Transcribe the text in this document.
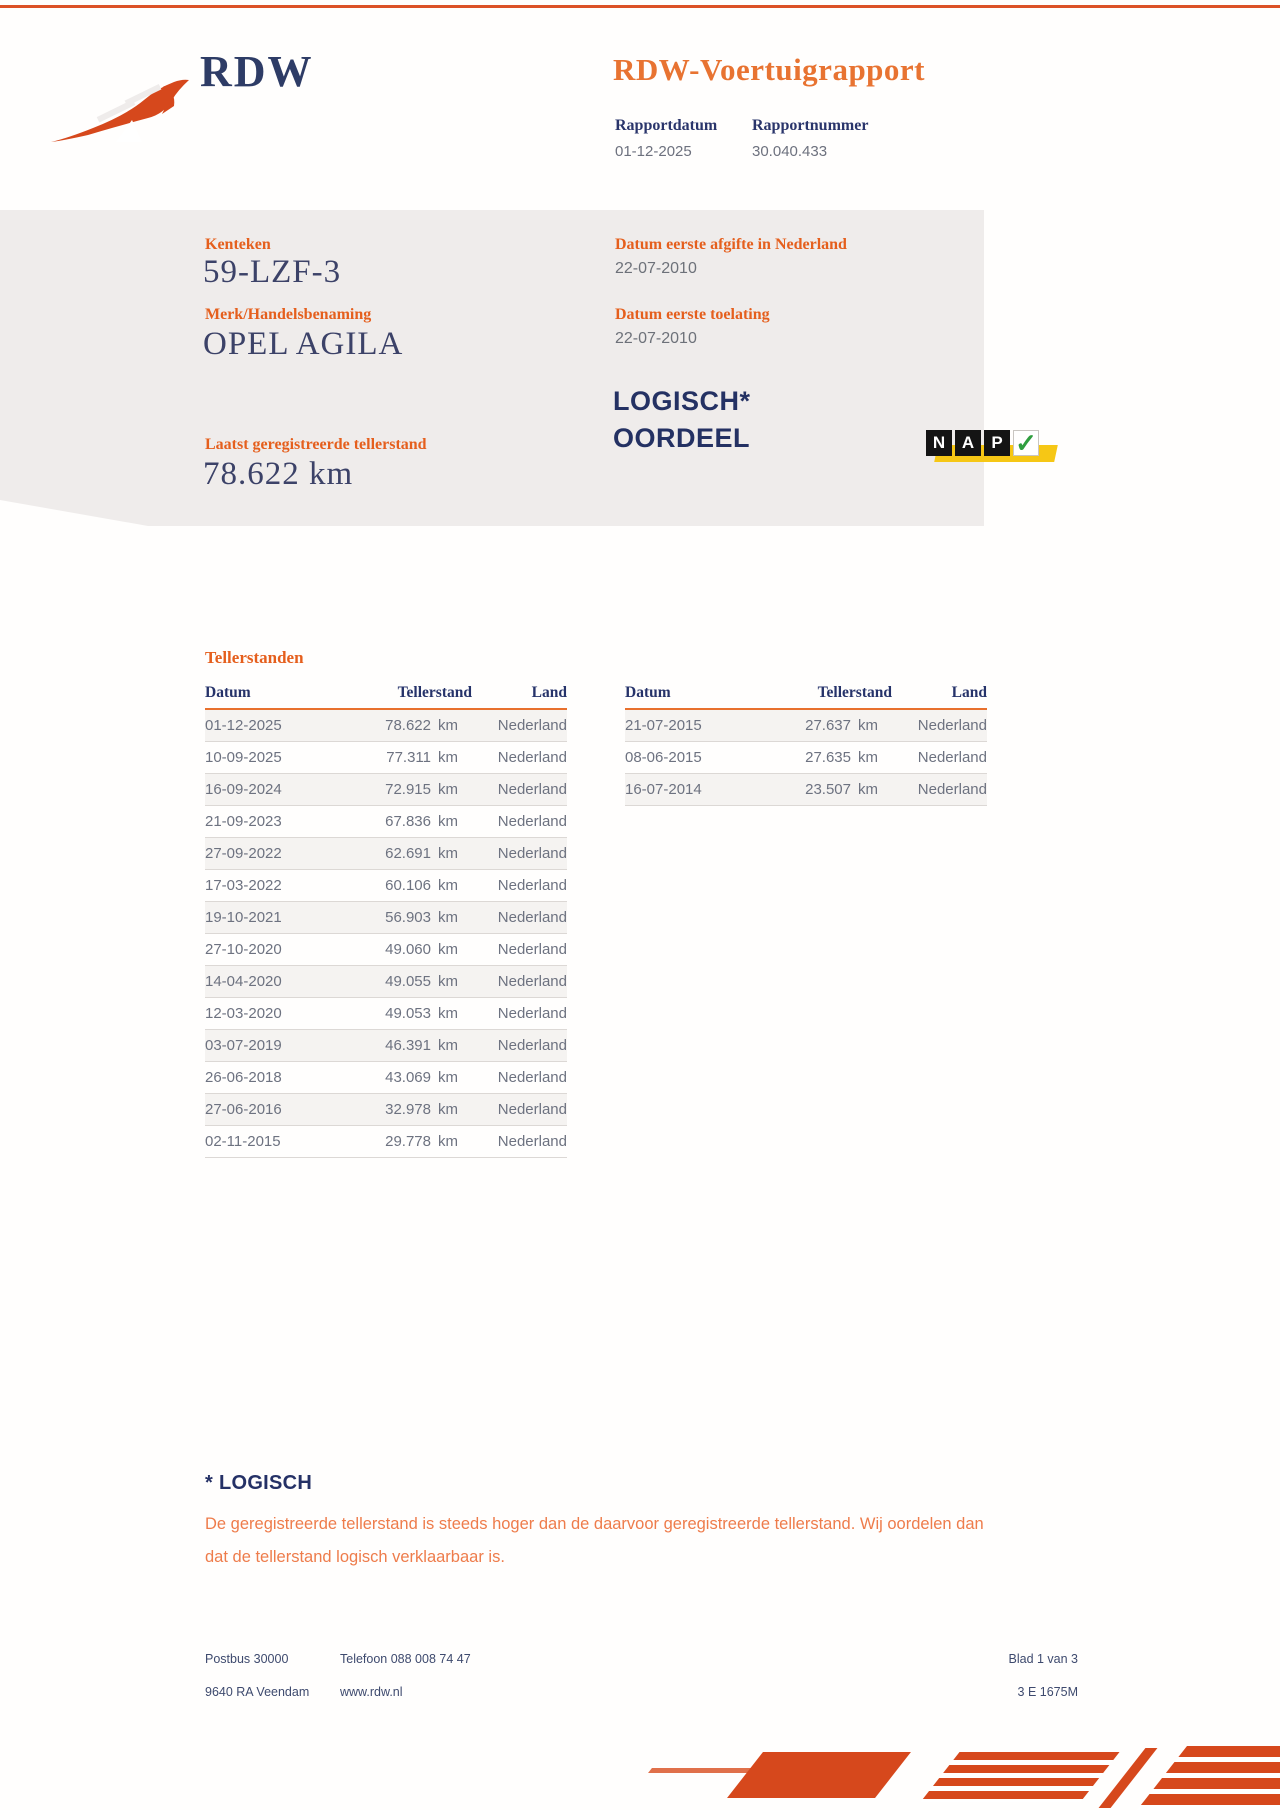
RDW	RDW-Voertuigrapport
Rapportdatum Rapportnummer
01-12-2025	30.040.433
Kenteken
59-LZF-3
Merk/Handelsbenaming
OPEL AGILA
Laatst geregistreerde tellerstand
78.622 km
Datum eerste afgifte in Nederland
22-07-2010
Datum eerste toelating
22-07-2010
LOGISCH*
OORDEEL	N A	P ✓
Tellerstanden
Datum	Tellerstand	Land
01-12-2025	78.622 km	Nederland
10-09-2025	77.311 km	Nederland
16-09-2024	72.915 km	Nederland
21-09-2023	67.836 km	Nederland
27-09-2022	62.691 km	Nederland
17-03-2022	60.106 km	Nederland
19-10-2021	56.903 km	Nederland
27-10-2020	49.060 km	Nederland
14-04-2020	49.055 km	Nederland
12-03-2020	49.053 km	Nederland
03-07-2019	46.391 km	Nederland
26-06-2018	43.069 km	Nederland
27-06-2016	32.978 km	Nederland
02-11-2015	29.778 km	Nederland
Datum	Tellerstand	Land
21-07-2015	27.637 km	Nederland
08-06-2015	27.635 km	Nederland
16-07-2014	23.507 km	Nederland
* LOGISCH
De geregistreerde tellerstand is steeds hoger dan de daarvoor geregistreerde tellerstand. Wij oordelen dan
dat de tellerstand logisch verklaarbaar is.
Postbus 30000
9640 RA Veendam
Telefoon 088 008 74 47
www.rdw.nl
Blad 1 van 3
3 E 1675M
